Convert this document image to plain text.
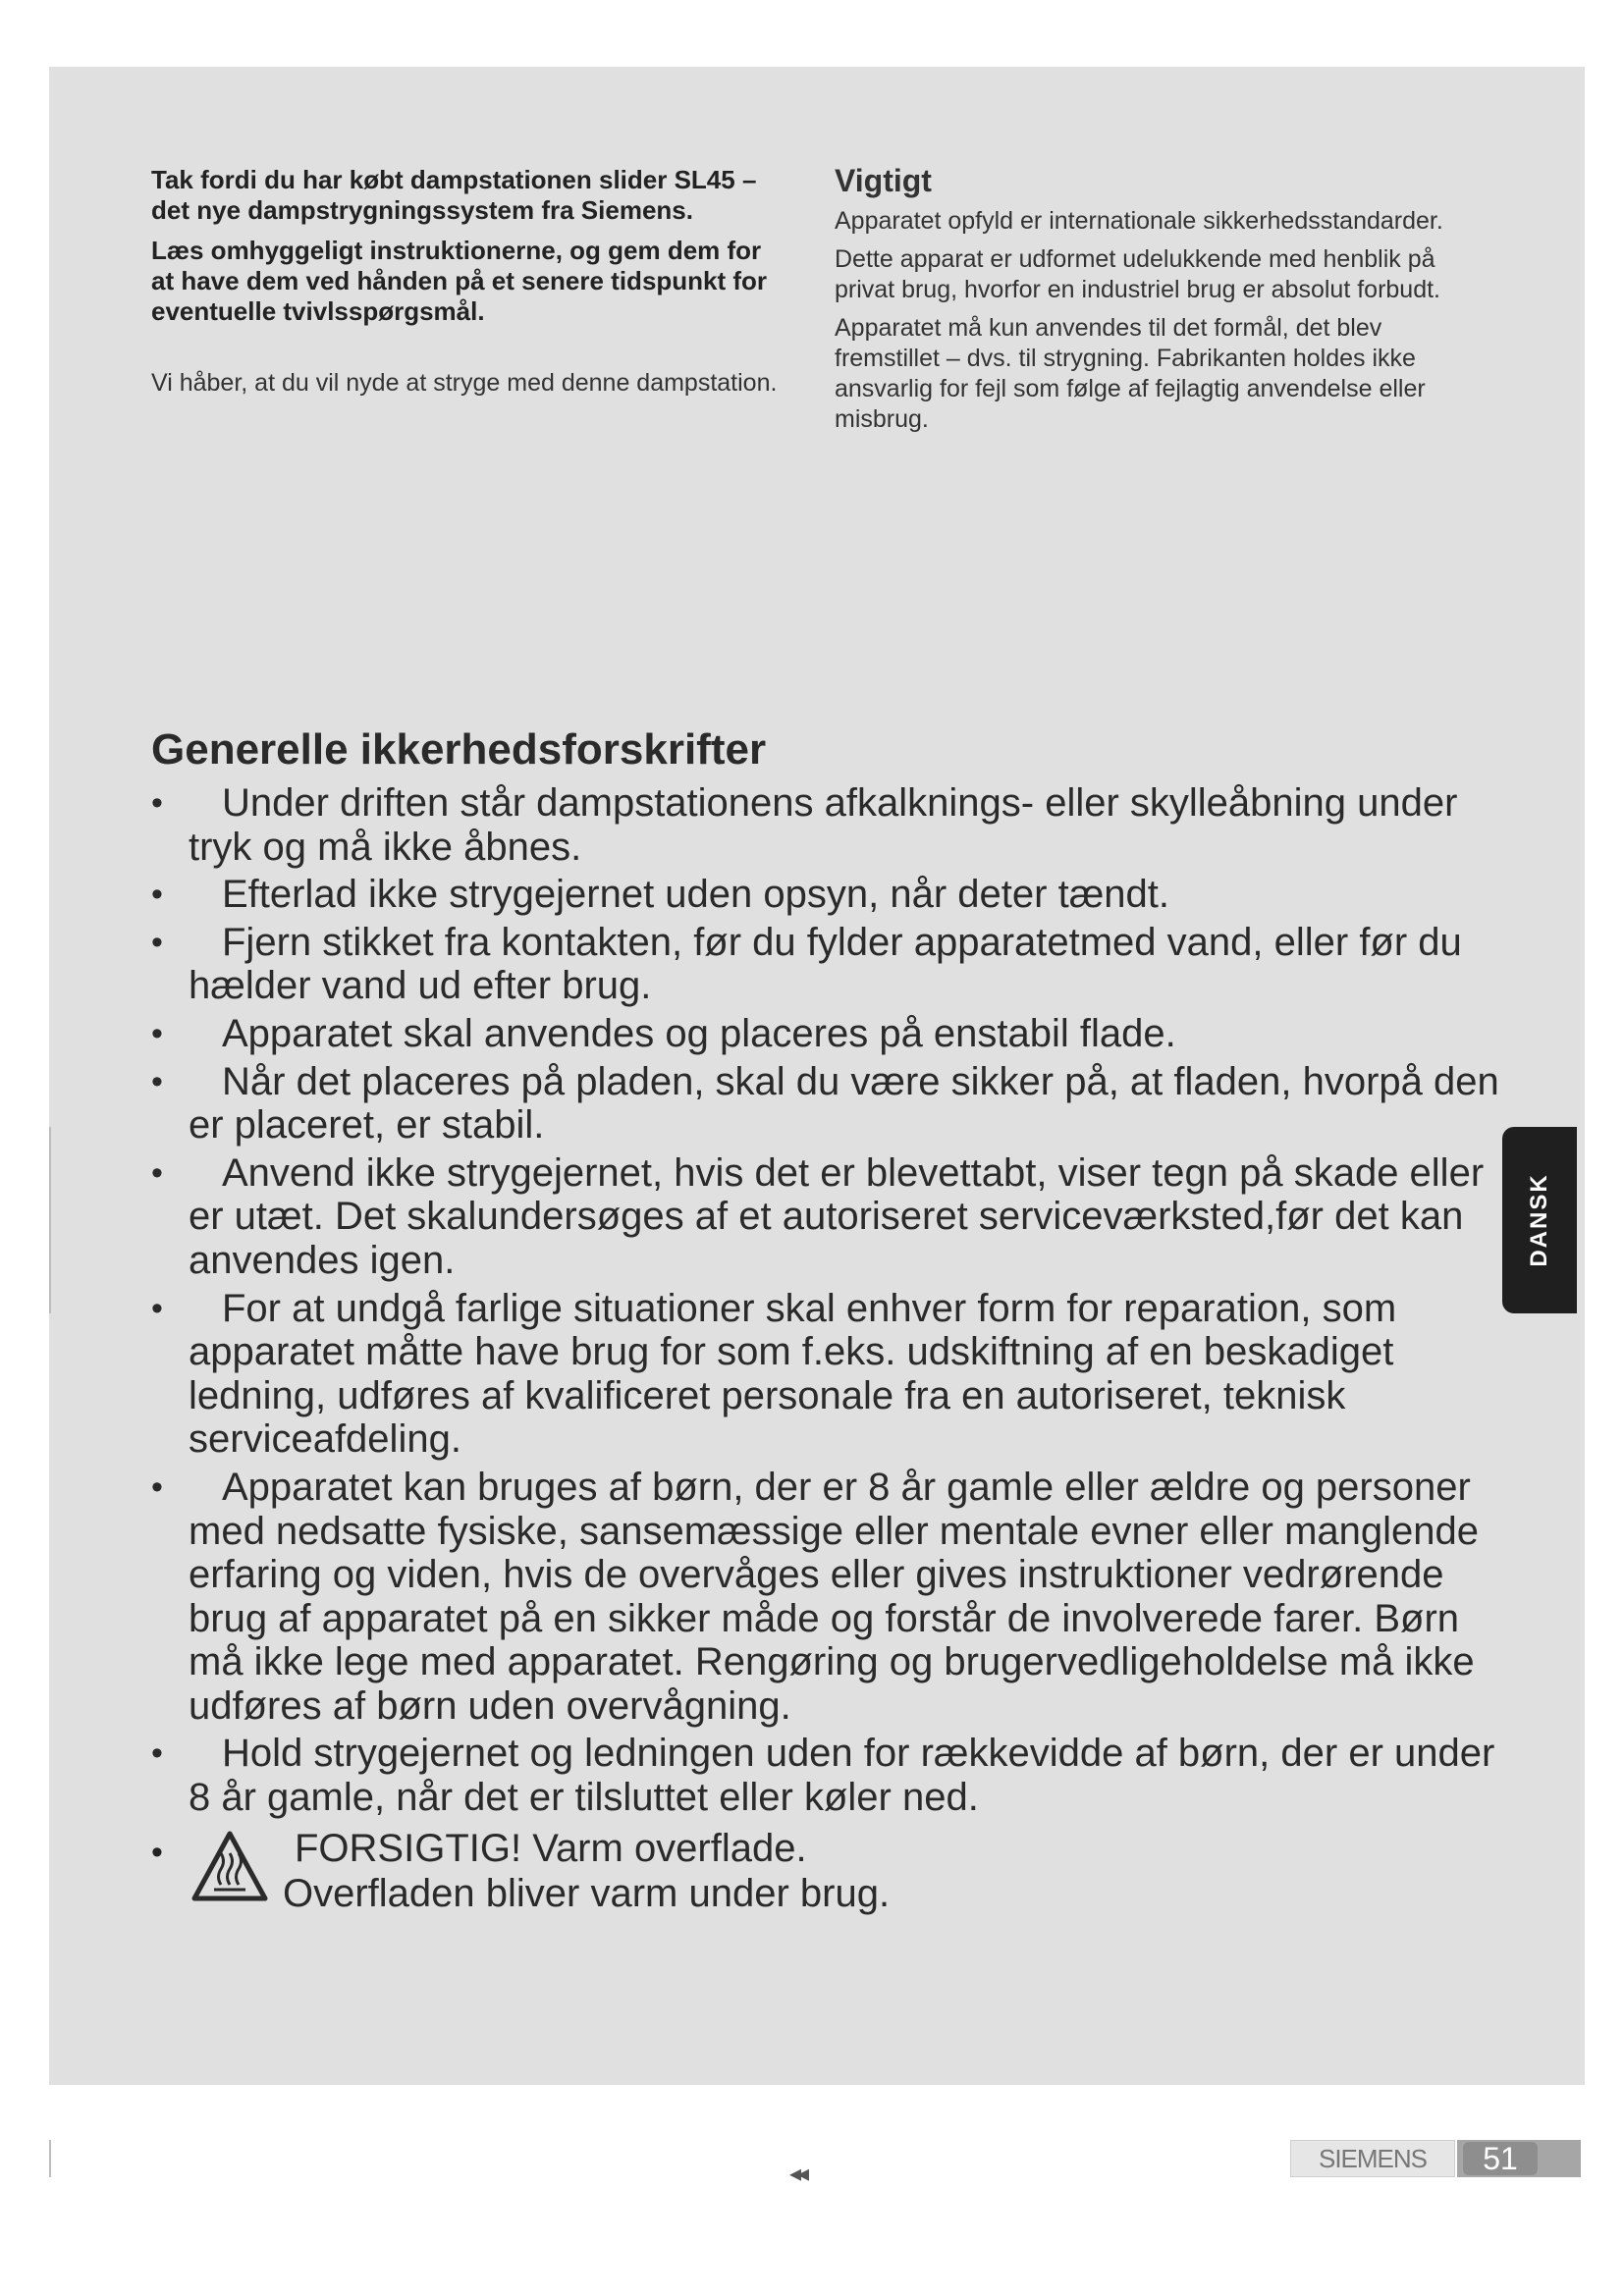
Tak fordi du har købt dampstationen slider SL45 – det nye dampstrygningssystem fra Siemens.

Læs omhyggeligt instruktionerne, og gem dem for at have dem ved hånden på et senere tidspunkt for eventuelle tvivlsspørgsmål.

Vi håber, at du vil nyde at stryge med denne dampstation.

Vigtigt

Apparatet opfyld er internationale sikkerhedsstandarder.

Dette apparat er udformet udelukkende med henblik på privat brug, hvorfor en industriel brug er absolut forbudt.

Apparatet må kun anvendes til det formål, det blev fremstillet – dvs. til strygning. Fabrikanten holdes ikke ansvarlig for fejl som følge af fejlagtig anvendelse eller misbrug.

Generelle ikkerhedsforskrifter
•	Under driften står dampstationens afkalknings- eller skylleåbning under tryk og må ikke åbnes.
•	Efterlad ikke strygejernet uden opsyn, når deter tændt.
•	Fjern stikket fra kontakten, før du fylder apparatetmed vand, eller før du hælder vand ud efter brug.
•	Apparatet skal anvendes og placeres på enstabil flade.
•	Når det placeres på pladen, skal du være sikker på, at fladen, hvorpå den er placeret, er stabil.
•	Anvend ikke strygejernet, hvis det er blevettabt, viser tegn på skade eller er utæt. Det skalundersøges af et autoriseret serviceværksted,før det kan anvendes igen.
•	For at undgå farlige situationer skal enhver form for reparation, som apparatet måtte have brug for som f.eks. udskiftning af en beskadiget ledning, udføres af kvalificeret personale fra en autoriseret, teknisk serviceafdeling.
•	Apparatet kan bruges af børn, der er 8 år gamle eller ældre og personer med nedsatte fysiske, sansemæssige eller mentale evner eller manglende erfaring og viden, hvis de overvåges eller gives instruktioner vedrørende brug af apparatet på en sikker måde og forstår de involverede farer. Børn må ikke lege med apparatet. Rengøring og brugervedligeholdelse må ikke udføres af børn uden overvågning.
•	Hold strygejernet og ledningen uden for rækkevidde af børn, der er under 8 år gamle, når det er tilsluttet eller køler ned.
•	FORSIGTIG! Varm overflade.
Overfladen bliver varm under brug.
DANSK
◂◂
SIEMENS	51
